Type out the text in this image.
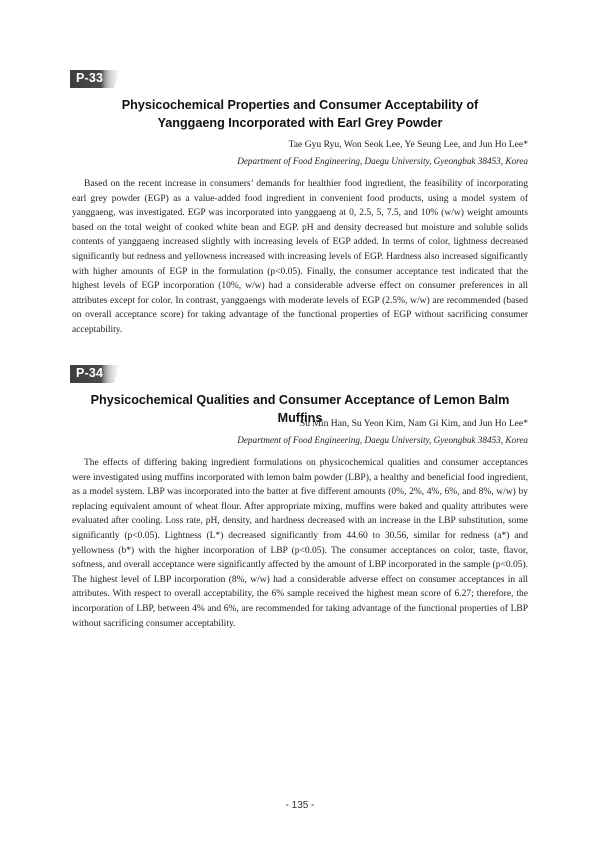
P-33
Physicochemical Properties and Consumer Acceptability of
Yanggaeng Incorporated with Earl Grey Powder
Tae Gyu Ryu, Won Seok Lee, Ye Seung Lee, and Jun Ho Lee*
Department of Food Engineering, Daegu University, Gyeongbuk 38453, Korea

Based on the recent increase in consumers’ demands for healthier food ingredient, the feasibility of incorporating earl grey powder (EGP) as a value-added food ingredient in convenient food products, using a model system of yanggaeng, was investigated. EGP was incorporated into yanggaeng at 0, 2.5, 5, 7.5, and 10% (w/w) weight amounts based on the total weight of cooked white bean and EGP. pH and density decreased but moisture and soluble solids contents of yanggaeng increased slightly with increasing levels of EGP added. In terms of color, lightness decreased significantly but redness and yellowness increased with increasing levels of EGP. Hardness also increased significantly with higher amounts of EGP in the formulation (p<0.05). Finally, the consumer acceptance test indicated that the highest levels of EGP incorporation (10%, w/w) had a considerable adverse effect on consumer preferences in all attributes except for color. In contrast, yanggaengs with moderate levels of EGP (2.5%, w/w) are recommended (based on overall acceptance score) for taking advantage of the functional properties of EGP without sacrificing consumer acceptability.

P-34
Physicochemical Qualities and Consumer Acceptance of Lemon Balm Muffins
Su Min Han, Su Yeon Kim, Nam Gi Kim, and Jun Ho Lee*
Department of Food Engineering, Daegu University, Gyeongbuk 38453, Korea

The effects of differing baking ingredient formulations on physicochemical qualities and consumer acceptances were investigated using muffins incorporated with lemon balm powder (LBP), a healthy and beneficial food ingredient, as a model system. LBP was incorporated into the batter at five different amounts (0%, 2%, 4%, 6%, and 8%, w/w) by replacing equivalent amount of wheat flour. After appropriate mixing, muffins were baked and quality attributes were evaluated after cooling. Loss rate, pH, density, and hardness decreased with an increase in the LBP substitution, some significantly (p<0.05). Lightness (L*) decreased significantly from 44.60 to 30.56, similar for redness (a*) and yellowness (b*) with the higher incorporation of LBP (p<0.05). The consumer acceptances on color, taste, flavor, softness, and overall acceptance were significantly affected by the amount of LBP incorporated in the sample (p<0.05). The highest level of LBP incorporation (8%, w/w) had a considerable adverse effect on consumer acceptances in all attributes. With respect to overall acceptability, the 6% sample received the highest mean score of 6.27; therefore, the incorporation of LBP, between 4% and 6%, are recommended for taking advantage of the functional properties of LBP without sacrificing consumer acceptability.

- 135 -
